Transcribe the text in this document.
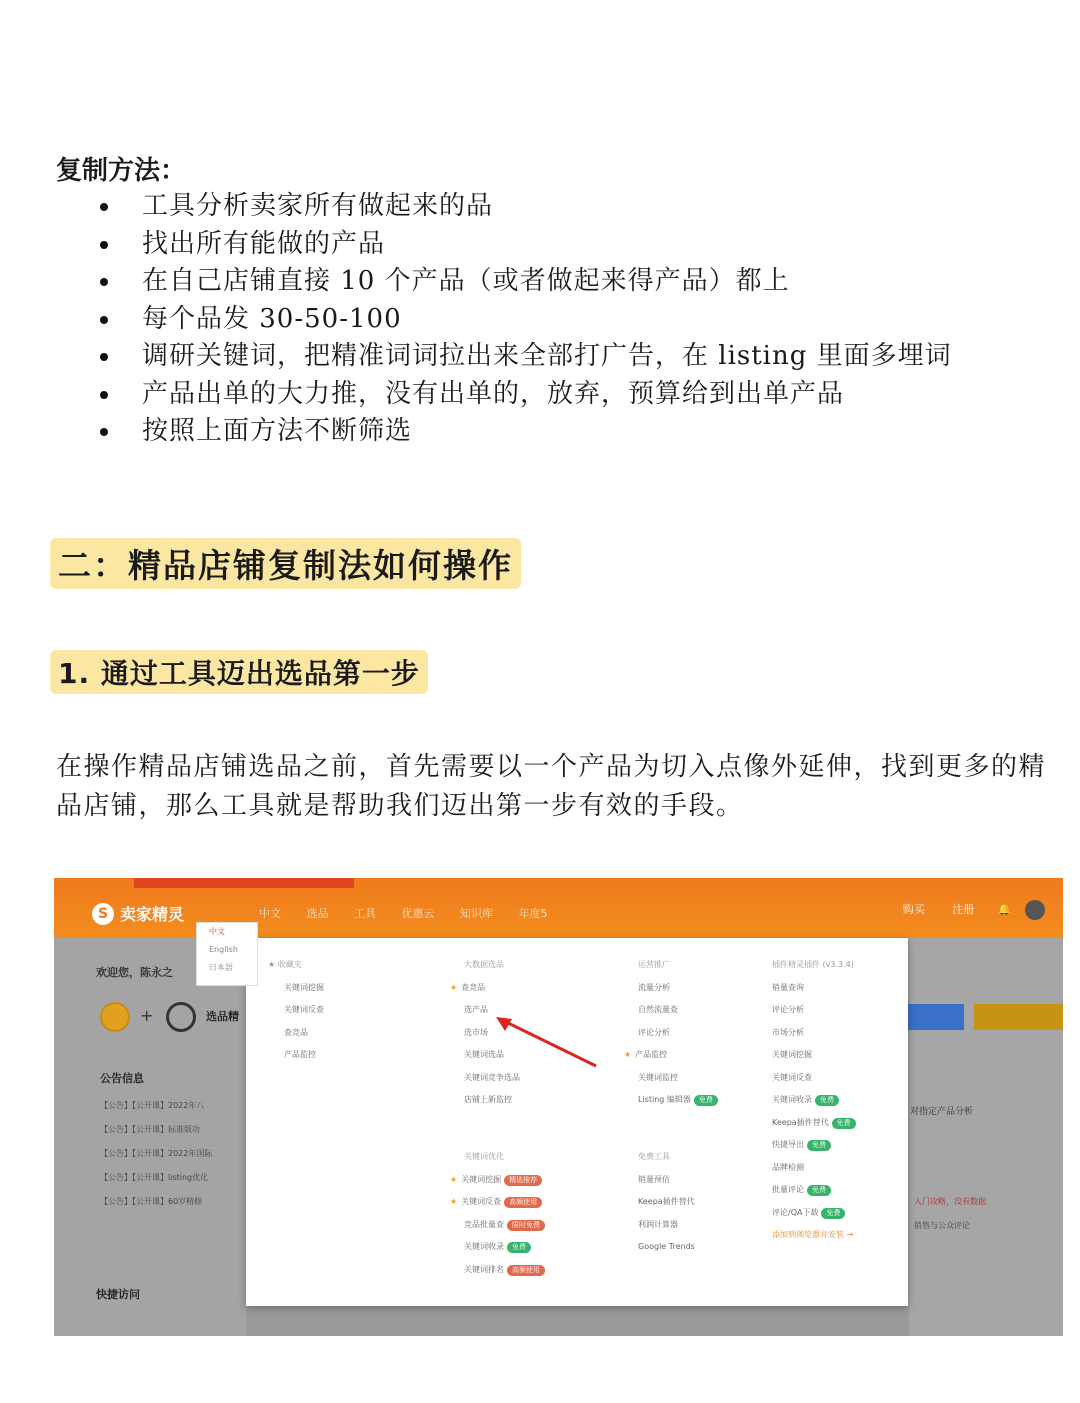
复制方法：
工具分析卖家所有做起来的品
找出所有能做的产品
在自己店铺直接 10 个产品（或者做起来得产品）都上
每个品发 30-50-100
调研关键词，把精准词词拉出来全部打广告，在 listing 里面多埋词
产品出单的大力推，没有出单的，放弃，预算给到出单产品
按照上面方法不断筛选
二：精品店铺复制法如何操作
1. 通过工具迈出选品第一步
在操作精品店铺选品之前，首先需要以一个产品为切入点像外延伸，找到更多的精品店铺，那么工具就是帮助我们迈出第一步有效的手段。
S 卖家精灵	中文 选品 工具 优惠云 知识库 年度5	购买	注册 🔔
欢迎您，陈永之
+	选品精
公告信息
【公告】【公开课】2022年八
【公告】【公开课】标准版功
【公告】【公开课】2022年国际
【公告】【公开课】listing优化
【公告】【公开课】60岁精修
快捷访问
对指定产品分析
入门攻略，没有数据
销售与公众评论
★ 收藏夹
关键词挖掘
关键词反查
查竞品
产品监控
大数据选品
★ 查竞品
选产品
选市场
关键词选品
关键词竞争选品
店铺上新监控
关键词优化
★ 关键词挖掘 精选推荐
★ 关键词反查 高频使用
竞品批量查 限时免费
关键词收录 免费
关键词排名 高频使用
运营推广
流量分析
自然流量查
评论分析
★ 产品监控
关键词监控
Listing 编辑器 免费
免费工具
销量预估
Keepa插件替代
利润计算器
Google Trends
插件精灵插件 (v3.3.4)
销量查询
评论分析
市场分析
关键词挖掘
关键词反查
关键词收录 免费
Keepa插件替代 免费
快捷导出 免费
品牌检测
批量评论 免费
评论/QA下载 免费
添加到浏览器并安装 →
中文
English
日本語
